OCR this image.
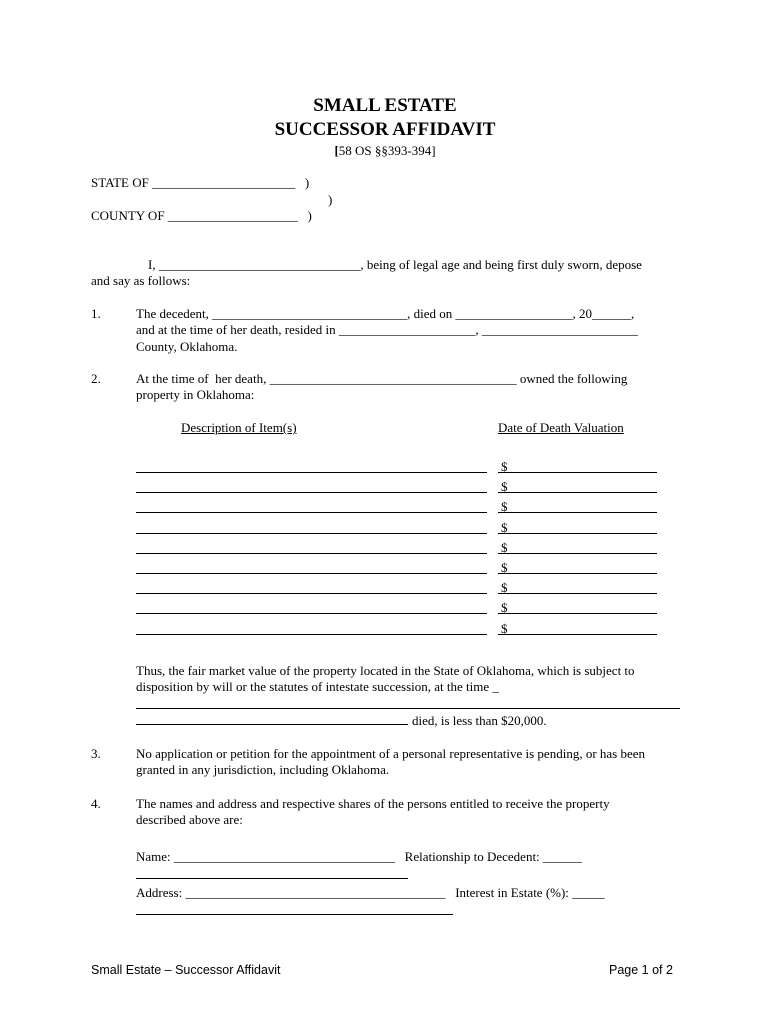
SMALL ESTATE
SUCCESSOR AFFIDAVIT
[58 OS §§393-394]
STATE OF ______________________   )
)
COUNTY OF ____________________   )
I, _______________________________, being of legal age and being first duly sworn, depose
and say as follows:
1.	The decedent, ______________________________, died on __________________, 20______,
and at the time of her death, resided in _____________________, ________________________
County, Oklahoma.
2.	At the time of  her death, ______________________________________ owned the following
property in Oklahoma:
Description of Item(s)	Date of Death Valuation
$
$
$
$
$
$
$
$
$
Thus, the fair market value of the property located in the State of Oklahoma, which is subject to
disposition by will or the statutes of intestate succession, at the time _
died, is less than $20,000.
3.	No application or petition for the appointment of a personal representative is pending, or has been
granted in any jurisdiction, including Oklahoma.
4.	The names and address and respective shares of the persons entitled to receive the property
described above are:
Name: __________________________________   Relationship to Decedent: ______
Address: ________________________________________   Interest in Estate (%): _____
Small Estate – Successor Affidavit	Page 1 of 2
